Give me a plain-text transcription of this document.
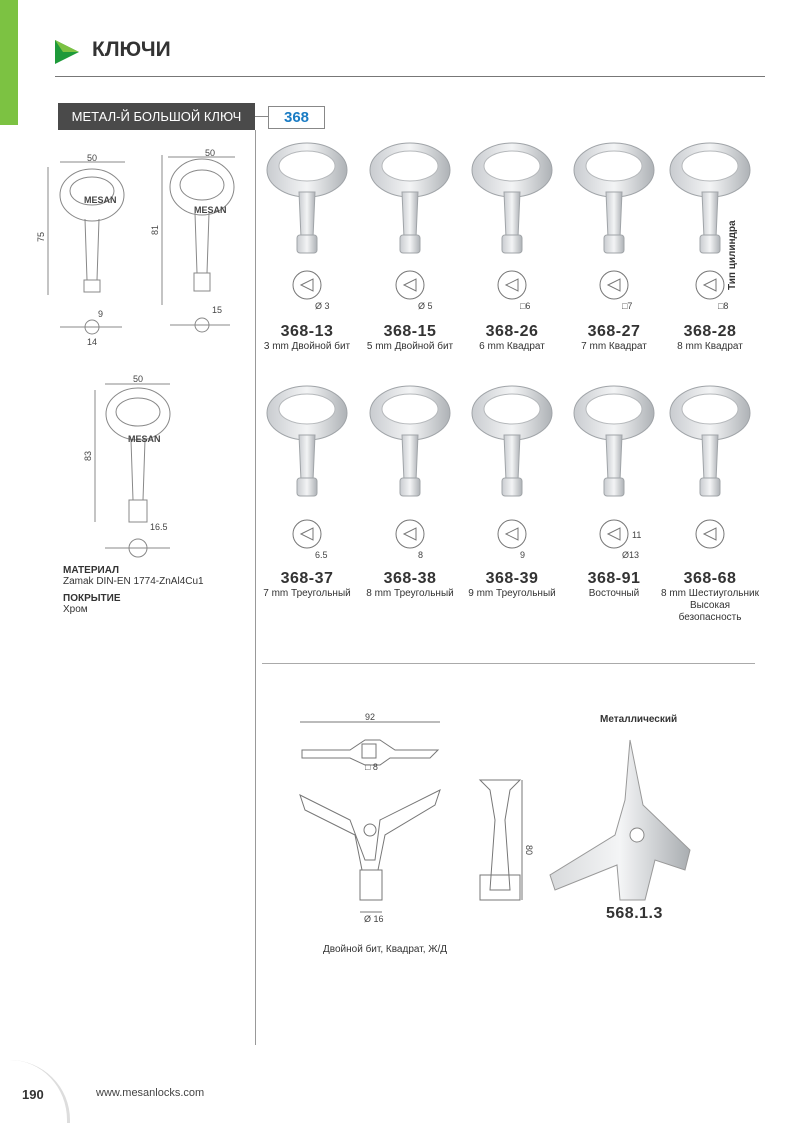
КЛЮЧИ
МЕТАЛ-Й БОЛЬШОЙ КЛЮЧ	368
50
75
MESAN
14
9
50
81
MESAN
15
50
83
MESAN
16.5
МАТЕРИАЛ
Zamak DIN-EN 1774-ZnAl4Cu1
ПОКРЫТИЕ
Хром
Тип цилиндра
Ø 3
368-13
3 mm Двойной бит
Ø 5
368-15
5 mm Двойной бит
□6
368-26
6 mm Квадрат
□7
368-27
7 mm Квадрат
□8
368-28
8 mm Квадрат
6.5
368-37
7 mm Треугольный
8
368-38
8 mm Треугольный
9
368-39
9 mm Треугольный
Ø13
11
368-91
Восточный
368-68
8 mm Шестиугольник
Высокая
безопасность
92
Ø 16
□ 8
80
Двойной бит, Квадрат, Ж/Д
Металлический
568.1.3
190	www.mesanlocks.com
